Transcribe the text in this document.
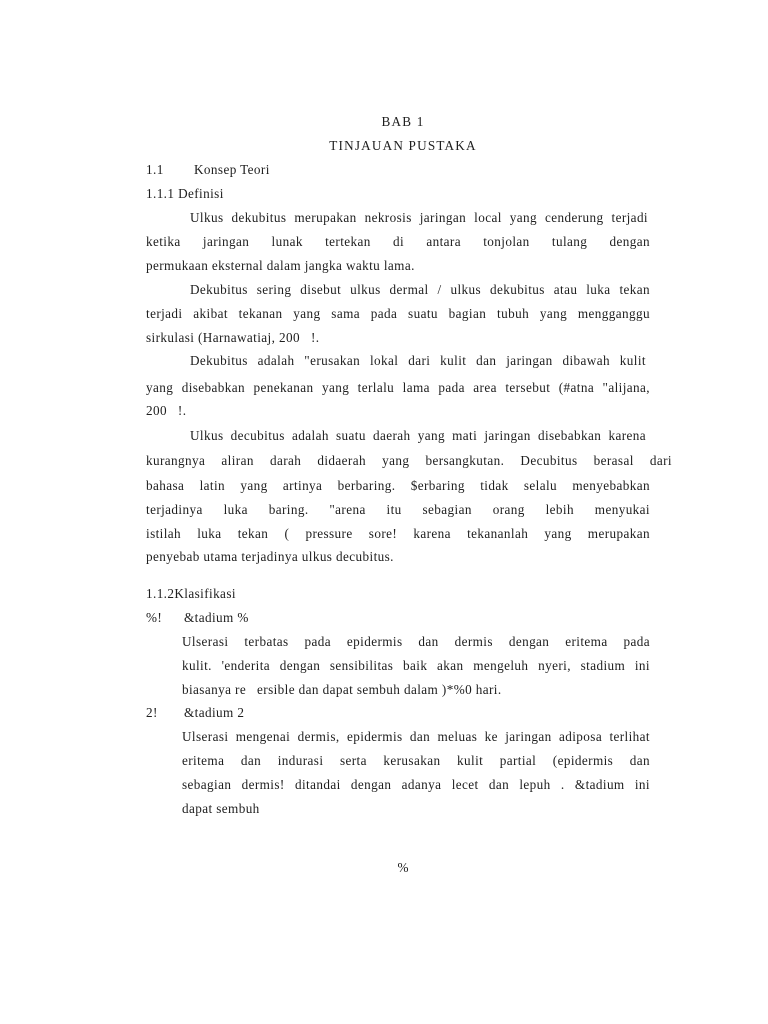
BAB 1
TINJAUAN PUSTAKA
1.1 Konsep Teori
1.1.1 Definisi
Ulkus dekubitus merupakan nekrosis jaringan local yang cenderung terjadi
ketika jaringan lunak tertekan di antara tonjolan tulang dengan
permukaan eksternal dalam jangka waktu lama.
Dekubitus sering disebut ulkus dermal / ulkus dekubitus atau luka tekan
terjadi akibat tekanan yang sama pada suatu bagian tubuh yang mengganggu
sirkulasi (Harnawatiaj, 200!.
Dekubitus adalah "erusakan lokal dari kulit dan jaringan dibawah kulit
yang disebabkan penekanan yang terlalu lama pada area tersebut (#atna "alijana,
200!.
Ulkus decubitus adalah suatu daerah yang mati jaringan disebabkan karena
kurangnya aliran darah didaerah yang bersangkutan. Decubitus berasal dari
bahasa latin yang artinya berbaring. $erbaring tidak selalu menyebabkan
terjadinya luka baring. "arena itu sebagian orang lebih menyukai
istilah luka tekan ( pressure sore! karena tekananlah yang merupakan
penyebab utama terjadinya ulkus decubitus.
1.1.2Klasifikasi
%! &tadium %
Ulserasi terbatas pada epidermis dan dermis dengan eritema pada
kulit. 'enderita dengan sensibilitas baik akan mengeluh nyeri, stadium ini
biasanya reersible dan dapat sembuh dalam )*%0 hari.
2! &tadium 2
Ulserasi mengenai dermis, epidermis dan meluas ke jaringan adiposa terlihat
eritema dan indurasi serta kerusakan kulit partial (epidermis dan
sebagian dermis! ditandai dengan adanya lecet dan lepuh . &tadium ini
dapat sembuh
%
